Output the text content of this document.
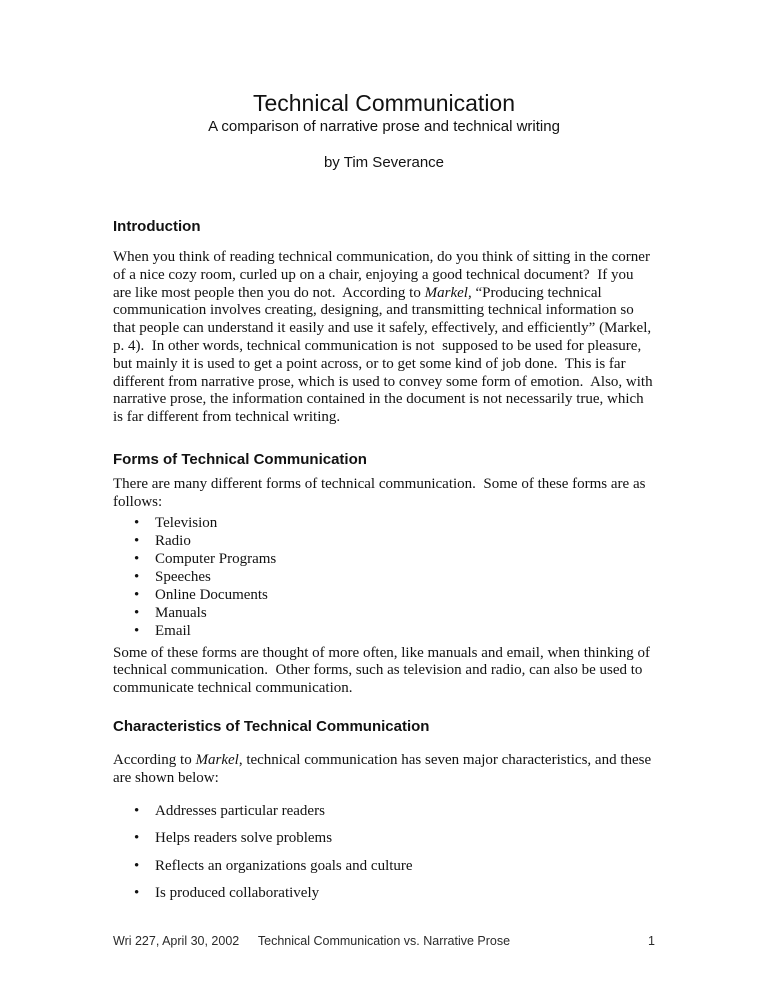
Technical Communication
A comparison of narrative prose and technical writing
by Tim Severance
Introduction

When you think of reading technical communication, do you think of sitting in the corner of a nice cozy room, curled up on a chair, enjoying a good technical document?  If you are like most people then you do not.  According to Markel, “Producing technical communication involves creating, designing, and transmitting technical information so that people can understand it easily and use it safely, effectively, and efficiently” (Markel, p. 4).  In other words, technical communication is not  supposed to be used for pleasure, but mainly it is used to get a point across, or to get some kind of job done.  This is far different from narrative prose, which is used to convey some form of emotion.  Also, with narrative prose, the information contained in the document is not necessarily true, which is far different from technical writing.

Forms of Technical Communication

There are many different forms of technical communication.  Some of these forms are as follows:

• Television
• Radio
• Computer Programs
• Speeches
• Online Documents
• Manuals
• Email

Some of these forms are thought of more often, like manuals and email, when thinking of technical communication.  Other forms, such as television and radio, can also be used to communicate technical communication.

Characteristics of Technical Communication

According to Markel, technical communication has seven major characteristics, and these are shown below:

• Addresses particular readers
• Helps readers solve problems
• Reflects an organizations goals and culture
• Is produced collaboratively
Technical Communication vs. Narrative Prose
Wri 227, April 30, 2002	1
